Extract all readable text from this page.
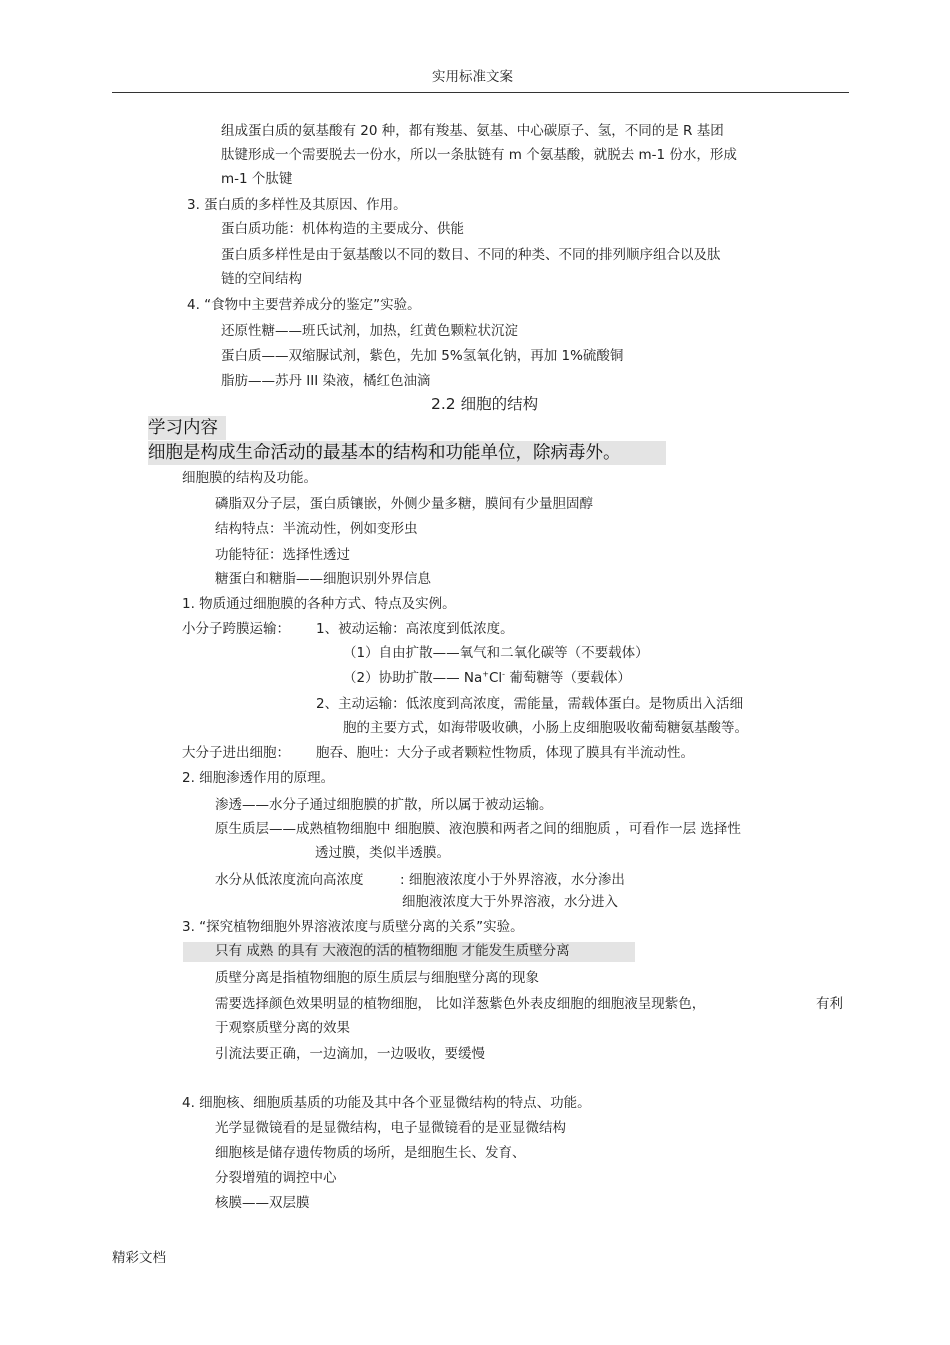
实用标准文案
组成蛋白质的氨基酸有 20 种，都有羧基、氨基、中心碳原子、氢，不同的是 R 基团
肽键形成一个需要脱去一份水，所以一条肽链有 m 个氨基酸，就脱去 m-1 份水，形成
m-1 个肽键
3. 蛋白质的多样性及其原因、作用。
蛋白质功能：机体构造的主要成分、供能
蛋白质多样性是由于氨基酸以不同的数目、不同的种类、不同的排列顺序组合以及肽
链的空间结构
4. “食物中主要营养成分的鉴定”实验。
还原性糖——班氏试剂，加热，红黄色颗粒状沉淀
蛋白质——双缩脲试剂，紫色，先加 5%氢氧化钠，再加 1%硫酸铜
脂肪——苏丹 III 染液，橘红色油滴
2.2 细胞的结构
学习内容
细胞是构成生命活动的最基本的结构和功能单位，除病毒外。
细胞膜的结构及功能。
磷脂双分子层，蛋白质镶嵌，外侧少量多糖，膜间有少量胆固醇
结构特点：半流动性，例如变形虫
功能特征：选择性透过
糖蛋白和糖脂——细胞识别外界信息
1. 物质通过细胞膜的各种方式、特点及实例。
小分子跨膜运输： 1、被动运输：高浓度到低浓度。
（1）自由扩散——氧气和二氧化碳等（不要载体）
（2）协助扩散—— Na+Cl- 葡萄糖等（要载体）
2、主动运输：低浓度到高浓度，需能量，需载体蛋白。是物质出入活细
胞的主要方式，如海带吸收碘，小肠上皮细胞吸收葡萄糖氨基酸等。
大分子进出细胞： 胞吞、胞吐：大分子或者颗粒性物质，体现了膜具有半流动性。
2. 细胞渗透作用的原理。
渗透——水分子通过细胞膜的扩散，所以属于被动运输。
原生质层——成熟植物细胞中 细胞膜、液泡膜和两者之间的细胞质 ，可看作一层 选择性
透过膜，类似半透膜。
水分从低浓度流向高浓度	: 细胞液浓度小于外界溶液，水分渗出
细胞液浓度大于外界溶液，水分进入
3. “探究植物细胞外界溶液浓度与质壁分离的关系”实验。
只有 成熟 的具有 大液泡的活的植物细胞 才能发生质壁分离
质壁分离是指植物细胞的原生质层与细胞壁分离的现象
需要选择颜色效果明显的植物细胞， 比如洋葱紫色外表皮细胞的细胞液呈现紫色，	有利
于观察质壁分离的效果
引流法要正确，一边滴加，一边吸收，要缓慢
4. 细胞核、细胞质基质的功能及其中各个亚显微结构的特点、功能。
光学显微镜看的是显微结构，电子显微镜看的是亚显微结构
细胞核是储存遗传物质的场所，是细胞生长、发育、
分裂增殖的调控中心
核膜——双层膜
精彩文档
